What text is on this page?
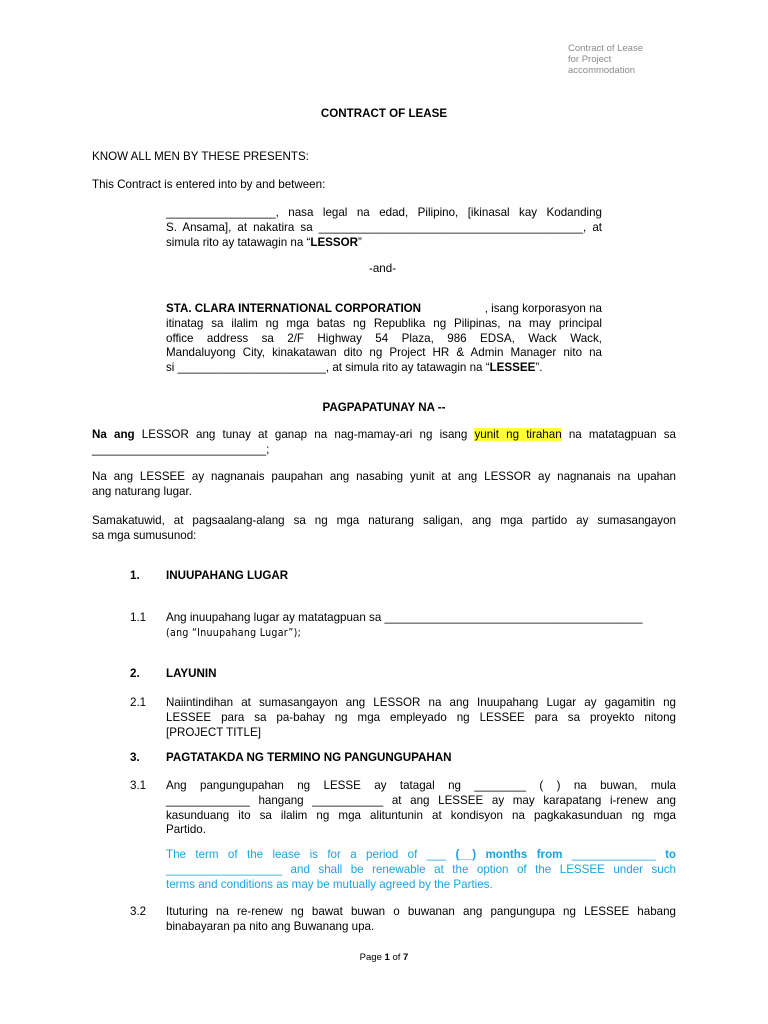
Contract of Lease
for Project
accommodation
CONTRACT OF LEASE
KNOW ALL MEN BY THESE PRESENTS:
This Contract is entered into by and between:
_________________, nasa legal na edad, Pilipino, [ikinasal kay Kodanding
S. Ansama], at nakatira sa _________________________________________, at
simula rito ay tatawagin na “LESSOR”
-and-
STA. CLARA INTERNATIONAL CORPORATION	, isang korporasyon na
itinatag sa ilalim ng mga batas ng Republika ng Pilipinas, na may principal
office address sa 2/F Highway 54 Plaza, 986 EDSA, Wack Wack,
Mandaluyong City, kinakatawan dito ng Project HR & Admin Manager nito na
si _______________________, at simula rito ay tatawagin na “LESSEE”.
PAGPAPATUNAY NA --
Na ang LESSOR ang tunay at ganap na nag-mamay-ari ng isang yunit ng tirahan na matatagpuan sa
___________________________;
Na ang LESSEE ay nagnanais paupahan ang nasabing yunit at ang LESSOR ay nagnanais na upahan
ang naturang lugar.
Samakatuwid, at pagsaalang-alang sa ng mga naturang saligan, ang mga partido ay sumasangayon
sa mga sumusunod:
1. INUUPAHANG LUGAR
1.1 Ang inuupahang lugar ay matatagpuan sa ________________________________________
(ang “Inuupahang Lugar”);
2. LAYUNIN
2.1 Naiintindihan at sumasangayon ang LESSOR na ang Inuupahang Lugar ay gagamitin ng
LESSEE para sa pa-bahay ng mga empleyado ng LESSEE para sa proyekto nitong
[PROJECT TITLE]
3. PAGTATAKDA NG TERMINO NG PANGUNGUPAHAN
3.1 Ang pangungupahan ng LESSE ay tatagal ng ________ ( ) na buwan, mula
_____________ hangang ___________ at ang LESSEE ay may karapatang i-renew ang
kasunduang ito sa ilalim ng mga alituntunin at kondisyon na pagkakasunduan ng mga
Partido.
The term of the lease is for a period of ___ (__) months from _____________ to
__________________ and shall be renewable at the option of the LESSEE under such
terms and conditions as may be mutually agreed by the Parties.
3.2 Ituturing na re-renew ng bawat buwan o buwanan ang pangungupa ng LESSEE habang
binabayaran pa nito ang Buwanang upa.
Page 1 of 7
